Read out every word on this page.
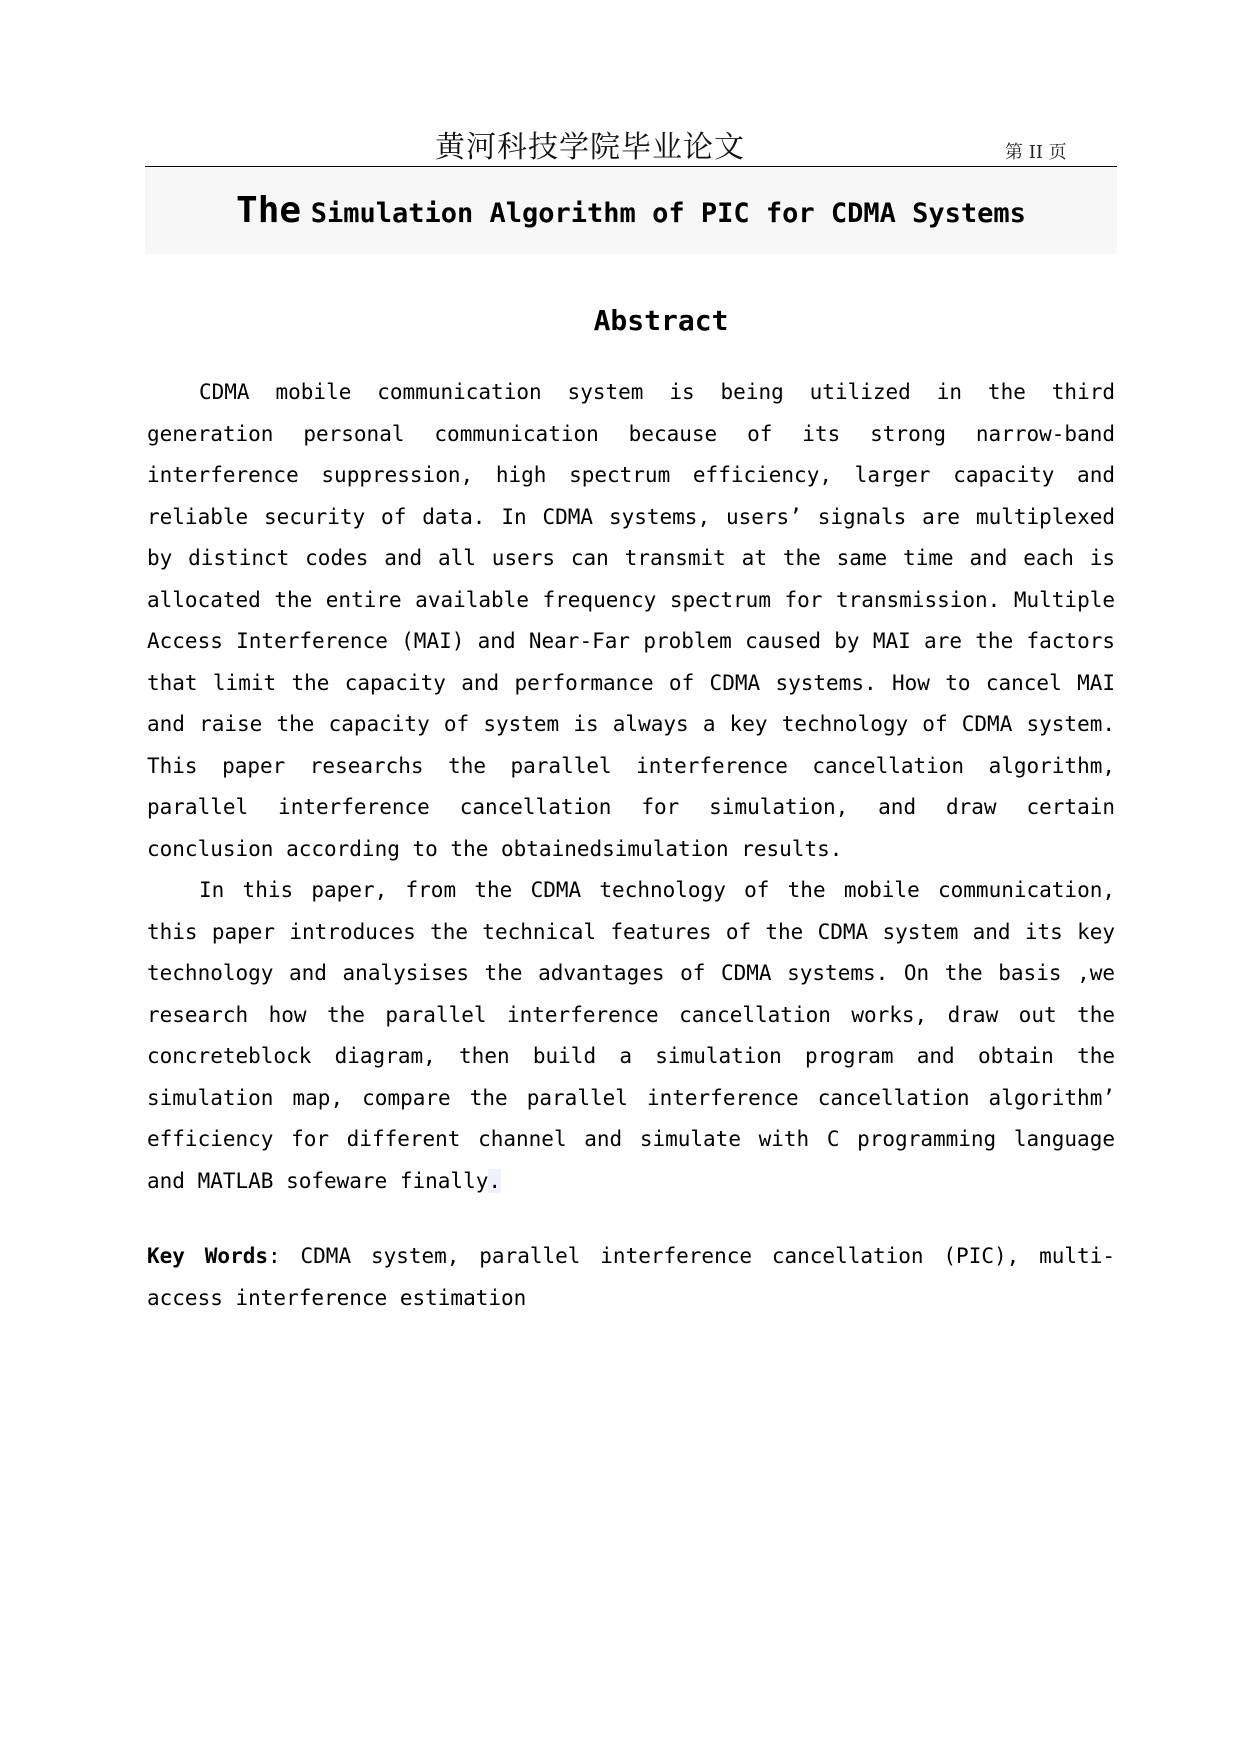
黄河科技学院毕业论文	第 II 页
The Simulation Algorithm of PIC for CDMA Systems
Abstract

CDMA mobile communication system is being utilized in the third generation personal communication because of its strong narrow-band interference suppression, high spectrum efficiency, larger capacity and reliable security of data. In CDMA systems, users’ signals are multiplexed by distinct codes and all users can transmit at the same time and each is allocated the entire available frequency spectrum for transmission. Multiple Access Interference (MAI) and Near-Far problem caused by MAI are the factors that limit the capacity and performance of CDMA systems. How to cancel MAI and raise the capacity of system is always a key technology of CDMA system. This paper researchs the parallel interference cancellation algorithm, parallel interference cancellation for simulation, and draw certain conclusion according to the obtainedsimulation results.

In this paper, from the CDMA technology of the mobile communication, this paper introduces the technical features of the CDMA system and its key technology and analysises the advantages of CDMA systems. On the basis ,we research how the parallel interference cancellation works, draw out the concreteblock diagram, then build a simulation program and obtain the simulation map, compare the parallel interference cancellation algorithm’ efficiency for different channel and simulate with C programming language and MATLAB sofeware finally.

Key Words: CDMA system, parallel interference cancellation (PIC), multi-access interference estimation
